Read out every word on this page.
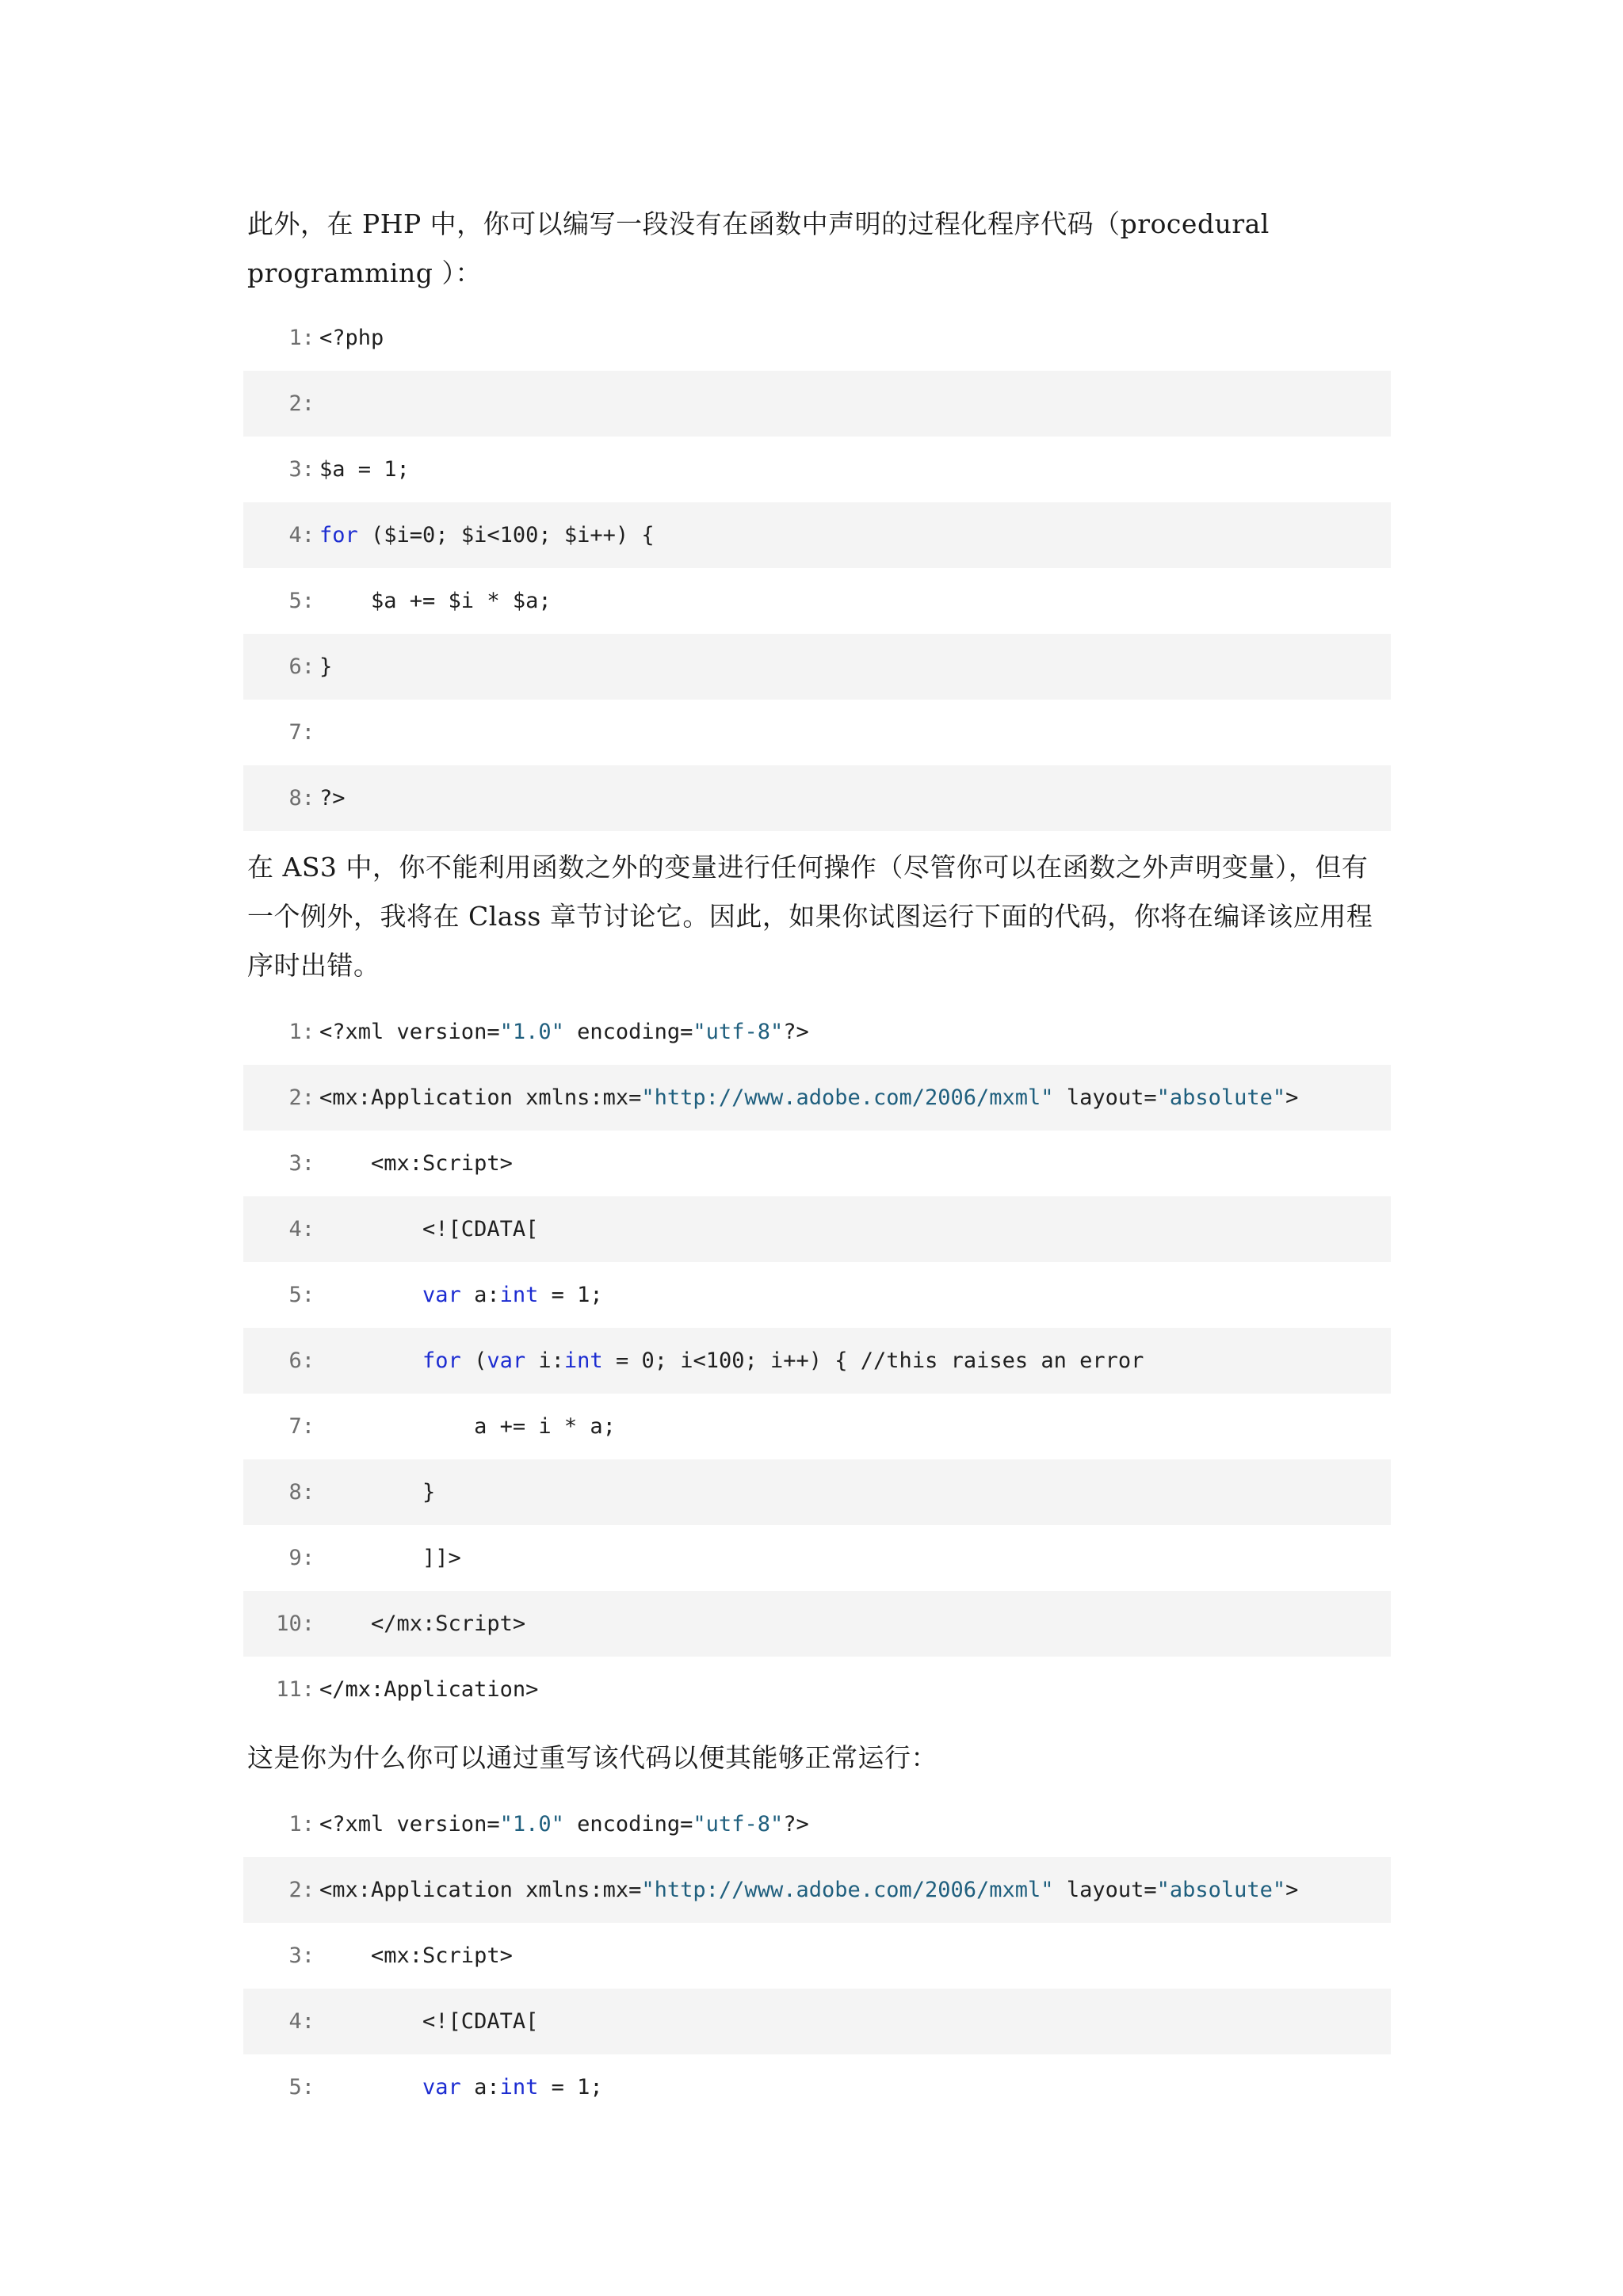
此外，在 PHP 中，你可以编写一段没有在函数中声明的过程化程序代码（procedural programming ）：

1: <?php
2:
3: $a = 1;
4: for ($i=0; $i<100; $i++) {
5: $a += $i * $a;
6: }
7:
8: ?>

在 AS3 中，你不能利用函数之外的变量进行任何操作（尽管你可以在函数之外声明变量），但有一个例外，我将在 Class 章节讨论它。因此，如果你试图运行下面的代码，你将在编译该应用程序时出错。

1: <?xml version="1.0" encoding="utf-8"?>
2: <mx:Application xmlns:mx="http://www.adobe.com/2006/mxml" layout="absolute">
3: <mx:Script>
4: <![CDATA[
5:	var a:int = 1;
6:	for (var i:int = 0; i<100; i++) { //this raises an error
7: a += i * a;
8: }
9: ]]>
10: </mx:Script>
11: </mx:Application>

这是你为什么你可以通过重写该代码以便其能够正常运行：

1: <?xml version="1.0" encoding="utf-8"?>
2: <mx:Application xmlns:mx="http://www.adobe.com/2006/mxml" layout="absolute">
3: <mx:Script>
4: <![CDATA[
5:	var a:int = 1;
